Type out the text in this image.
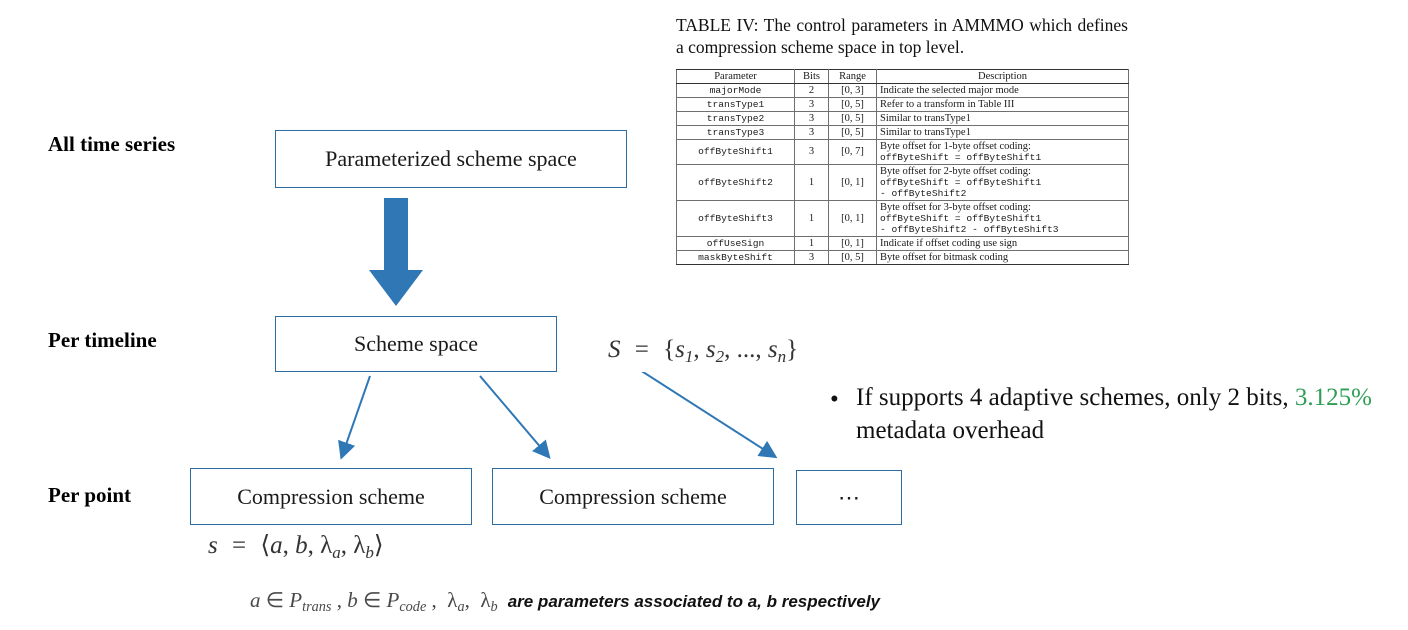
All time series
Per timeline
Per point
Parameterized scheme space
Scheme space	$S = \{s_1$, $s_2$, ..., $s_n$}
• If supports 4 adaptive schemes, only 2 bits, 3.125% metadata overhead
Compression scheme	Compression scheme	⋯
s = ⟨a, b, $\lambda_a$, $\lambda_b⟩$
a ∈ $P_{trans}$ , b ∈ $P_{code}$ ,  $\lambda_a$,  $\lambda_b$ are parameters associated to a, b respectively
TABLE IV: The control parameters in AMMMO which defines a compression scheme space in top level.
Parameter	Bits	Range	Description
majorMode	2	[0, 3]	Indicate the selected major mode

transType1	3	[0, 5]	Refer to a transform in Table III

transType2	3	[0, 5]	Similar to transType1

transType3	3	[0, 5]	Similar to transType1

offByteShift1	3	[0, 7]	Byte offset for 1-byte offset coding:
offByteShift = offByteShift1

offByteShift2	1	[0, 1]	Byte offset for 2-byte offset coding:
offByteShift = offByteShift1
- offByteShift2

offByteShift3	1	[0, 1]	Byte offset for 3-byte offset coding:
offByteShift = offByteShift1
- offByteShift2 - offByteShift3

offUseSign	1	[0, 1]	Indicate if offset coding use sign

maskByteShift	3	[0, 5]	Byte offset for bitmask coding
